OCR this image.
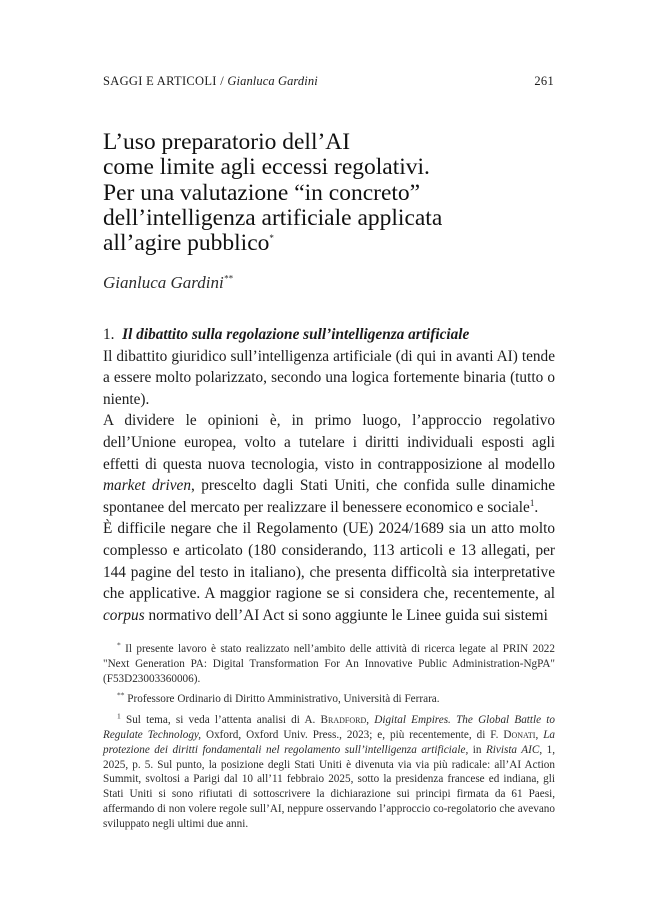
SAGGI E ARTICOLI / Gianluca Gardini	261
L’uso preparatorio dell’AI
come limite agli eccessi regolativi.
Per una valutazione “in concreto”
dell’intelligenza artificiale applicata
all’agire pubblico*
Gianluca Gardini**
1. Il dibattito sulla regolazione sull’intelligenza artificiale

Il dibattito giuridico sull’intelligenza artificiale (di qui in avanti AI) tende a essere molto polarizzato, secondo una logica fortemente binaria (tutto o niente).

A dividere le opinioni è, in primo luogo, l’approccio regolativo dell’Unione europea, volto a tutelare i diritti individuali esposti agli effetti di questa nuova tecnologia, visto in contrapposizione al modello market driven, prescelto dagli Stati Uniti, che confida sulle dinamiche spontanee del mercato per realizzare il benessere economico e sociale$^1$.

È difficile negare che il Regolamento (UE) 2024/1689 sia un atto molto complesso e articolato (180 considerando, 113 articoli e 13 allegati, per 144 pagine del testo in italiano), che presenta difficoltà sia interpretative che applicative. A maggior ragione se si considera che, recentemente, al corpus normativo dell’AI Act si sono aggiunte le Linee guida sui sistemi

* Il presente lavoro è stato realizzato nell’ambito delle attività di ricerca legate al PRIN 2022 "Next Generation PA: Digital Transformation For An Innovative Public Administration-NgPA" (F53D23003360006).

** Professore Ordinario di Diritto Amministrativo, Università di Ferrara.

$^1$ Sul tema, si veda l’attenta analisi di A. Bradford, Digital Empires. The Global Battle to Regulate Technology, Oxford, Oxford Univ. Press., 2023; e, più recentemente, di F. Donati, La protezione dei diritti fondamentali nel regolamento sull’intelligenza artificiale, in Rivista AIC, 1, 2025, p. 5. Sul punto, la posizione degli Stati Uniti è divenuta via via più radicale: all’AI Action Summit, svoltosi a Parigi dal 10 all’11 febbraio 2025, sotto la presidenza francese ed indiana, gli Stati Uniti si sono rifiutati di sottoscrivere la dichiarazione sui principi firmata da 61 Paesi, affermando di non volere regole sull’AI, neppure osservando l’approccio co-regolatorio che avevano sviluppato negli ultimi due anni.
